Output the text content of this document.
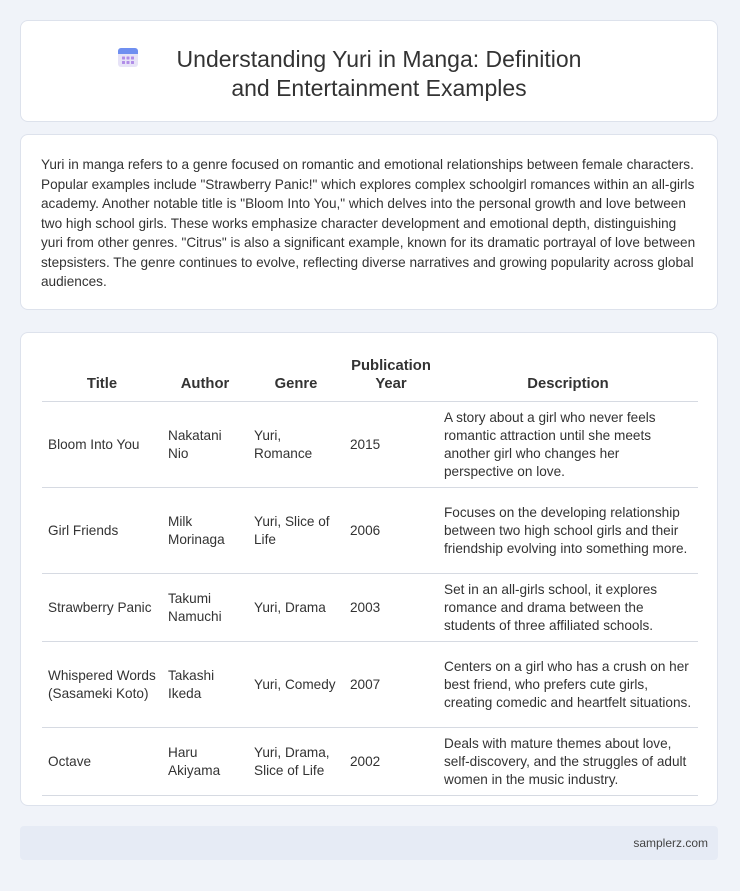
Understanding Yuri in Manga: Definition and Entertainment Examples

Yuri in manga refers to a genre focused on romantic and emotional relationships between female characters. Popular examples include "Strawberry Panic!" which explores complex schoolgirl romances within an all-girls academy. Another notable title is "Bloom Into You," which delves into the personal growth and love between two high school girls. These works emphasize character development and emotional depth, distinguishing yuri from other genres. "Citrus" is also a significant example, known for its dramatic portrayal of love between stepsisters. The genre continues to evolve, reflecting diverse narratives and growing popularity across global audiences.

Title	Author	Genre	Publication Year	Description
Bloom Into You	Nakatani Nio	Yuri, Romance	2015	A story about a girl who never feels romantic attraction until she meets another girl who changes her perspective on love.
Girl Friends	Milk Morinaga	Yuri, Slice of Life	2006	Focuses on the developing relationship between two high school girls and their friendship evolving into something more.
Strawberry Panic	Takumi Namuchi	Yuri, Drama	2003	Set in an all-girls school, it explores romance and drama between the students of three affiliated schools.
Whispered Words (Sasameki Koto)	Takashi Ikeda	Yuri, Comedy	2007	Centers on a girl who has a crush on her best friend, who prefers cute girls, creating comedic and heartfelt situations.
Octave	Haru Akiyama	Yuri, Drama, Slice of Life	2002	Deals with mature themes about love, self-discovery, and the struggles of adult women in the music industry.
samplerz.com
